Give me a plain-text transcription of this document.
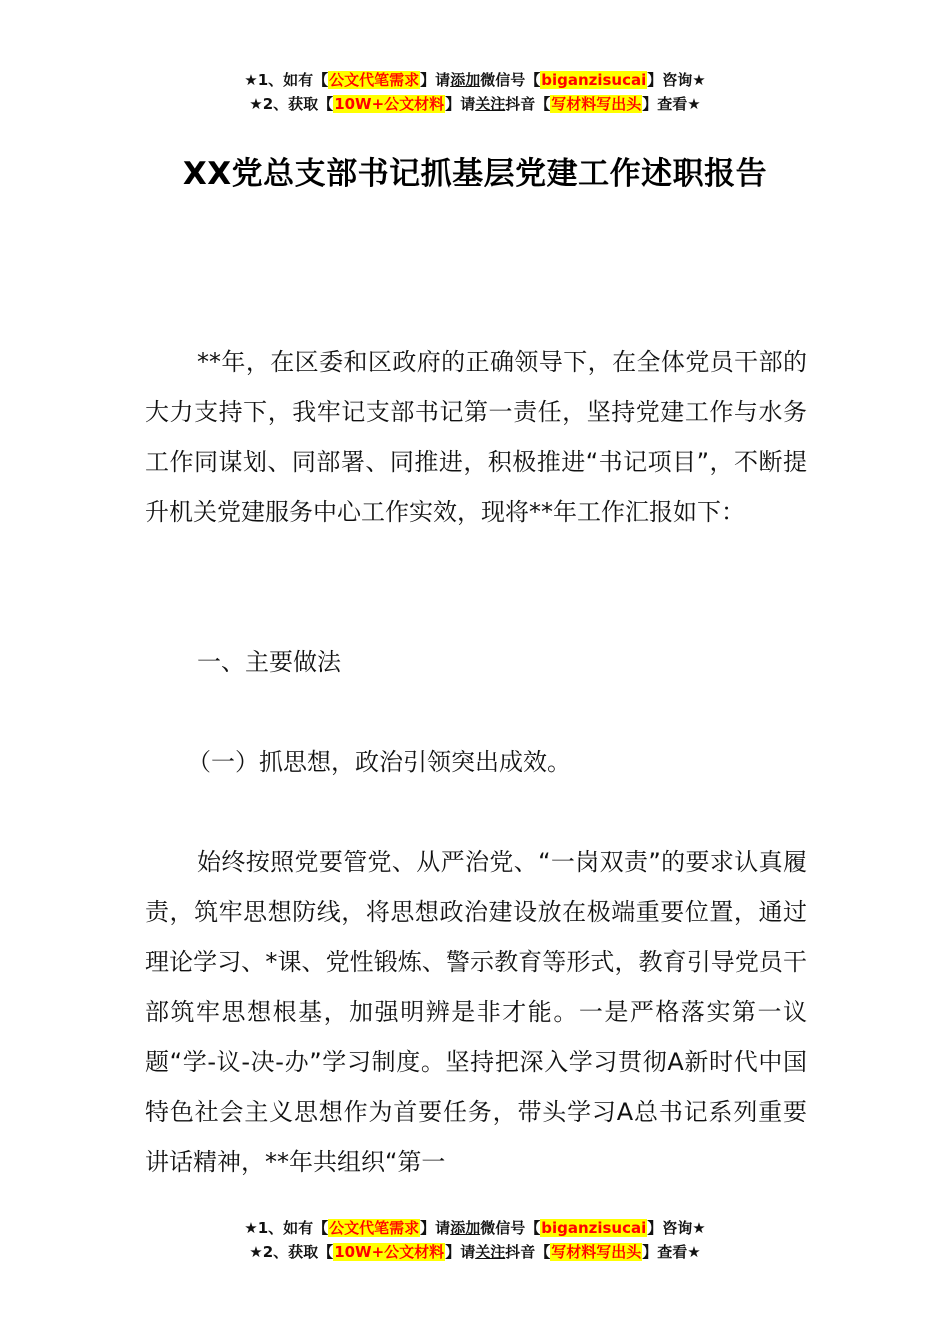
★1、如有【公文代笔需求】请添加微信号【biganzisucai】咨询★
★2、获取【10W+公文材料】请关注抖音【写材料写出头】查看★
XX党总支部书记抓基层党建工作述职报告

**年，在区委和区政府的正确领导下，在全体党员干部的大力支持下，我牢记支部书记第一责任，坚持党建工作与水务工作同谋划、同部署、同推进，积极推进“书记项目”，不断提升机关党建服务中心工作实效，现将**年工作汇报如下：

一、主要做法

（一）抓思想，政治引领突出成效。

始终按照党要管党、从严治党、“一岗双责”的要求认真履责，筑牢思想防线，将思想政治建设放在极端重要位置，通过理论学习、*课、党性锻炼、警示教育等形式，教育引导党员干部筑牢思想根基，加强明辨是非才能。一是严格落实第一议题“学-议-决-办”学习制度。坚持把深入学习贯彻A新时代中国特色社会主义思想作为首要任务，带头学习A总书记系列重要讲话精神，**年共组织“第一

★1、如有【公文代笔需求】请添加微信号【biganzisucai】咨询★
★2、获取【10W+公文材料】请关注抖音【写材料写出头】查看★
